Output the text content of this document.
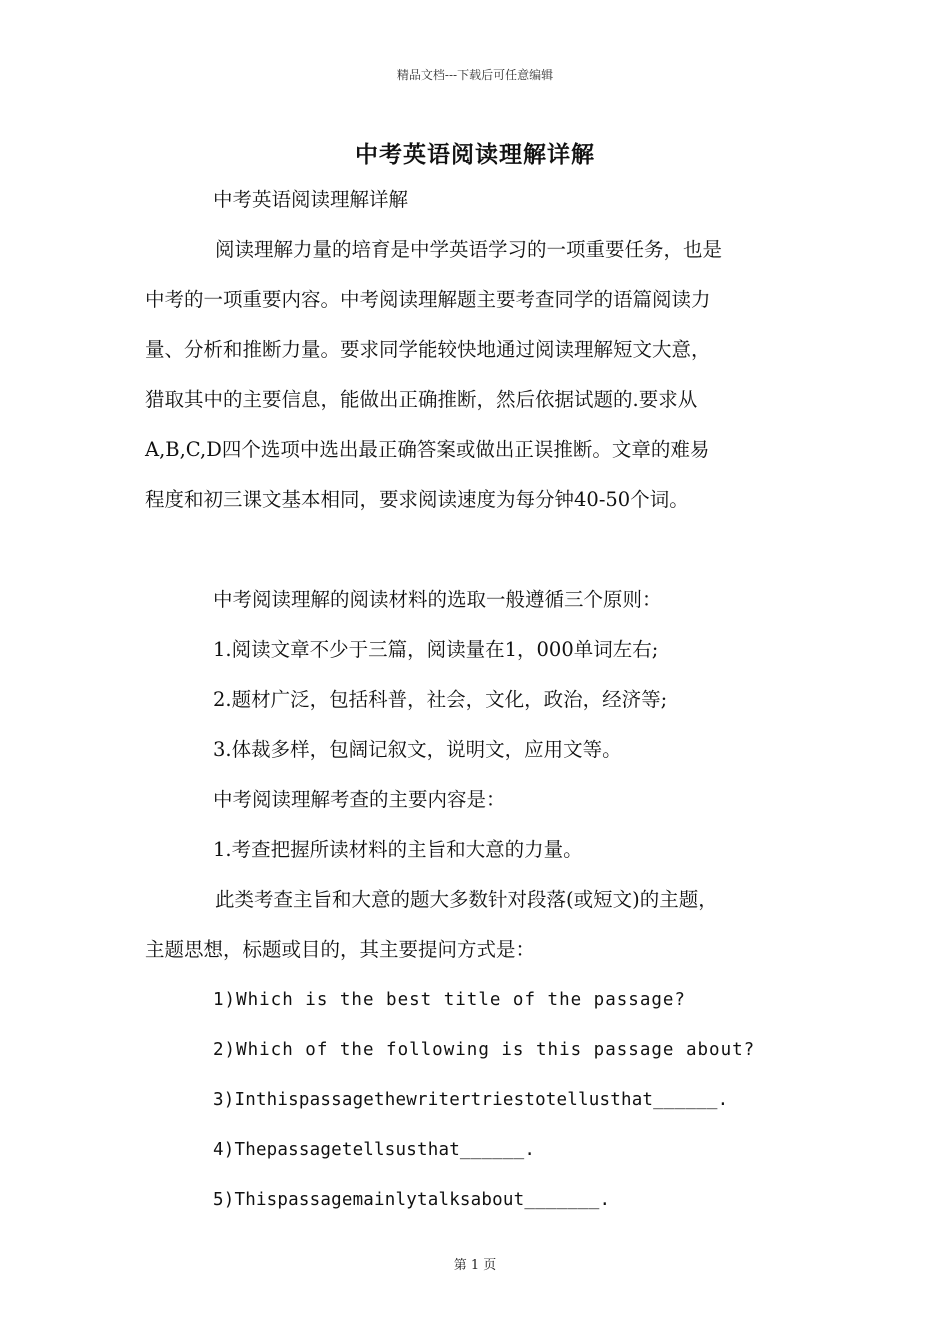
精品文档---下载后可任意编辑
中考英语阅读理解详解
中考英语阅读理解详解
阅读理解力量的培育是中学英语学习的一项重要任务，也是
中考的一项重要内容。中考阅读理解题主要考查同学的语篇阅读力
量、分析和推断力量。要求同学能较快地通过阅读理解短文大意，
猎取其中的主要信息，能做出正确推断，然后依据试题的.要求从
A,B,C,D四个选项中选出最正确答案或做出正误推断。文章的难易
程度和初三课文基本相同，要求阅读速度为每分钟40-50个词。
中考阅读理解的阅读材料的选取一般遵循三个原则：
1.阅读文章不少于三篇，阅读量在1，000单词左右;
2.题材广泛，包括科普，社会，文化，政治，经济等;
3.体裁多样，包阔记叙文，说明文，应用文等。
中考阅读理解考查的主要内容是：
1.考查把握所读材料的主旨和大意的力量。
此类考查主旨和大意的题大多数针对段落(或短文)的主题，
主题思想，标题或目的，其主要提问方式是：
1)Which is the best title of the passage?
2)Which of the following is this passage about?
3)Inthispassagethewritertriestotellusthat______.
4)Thepassagetellsusthat______.
5)Thispassagemainlytalksabout_______.
第 1 页
